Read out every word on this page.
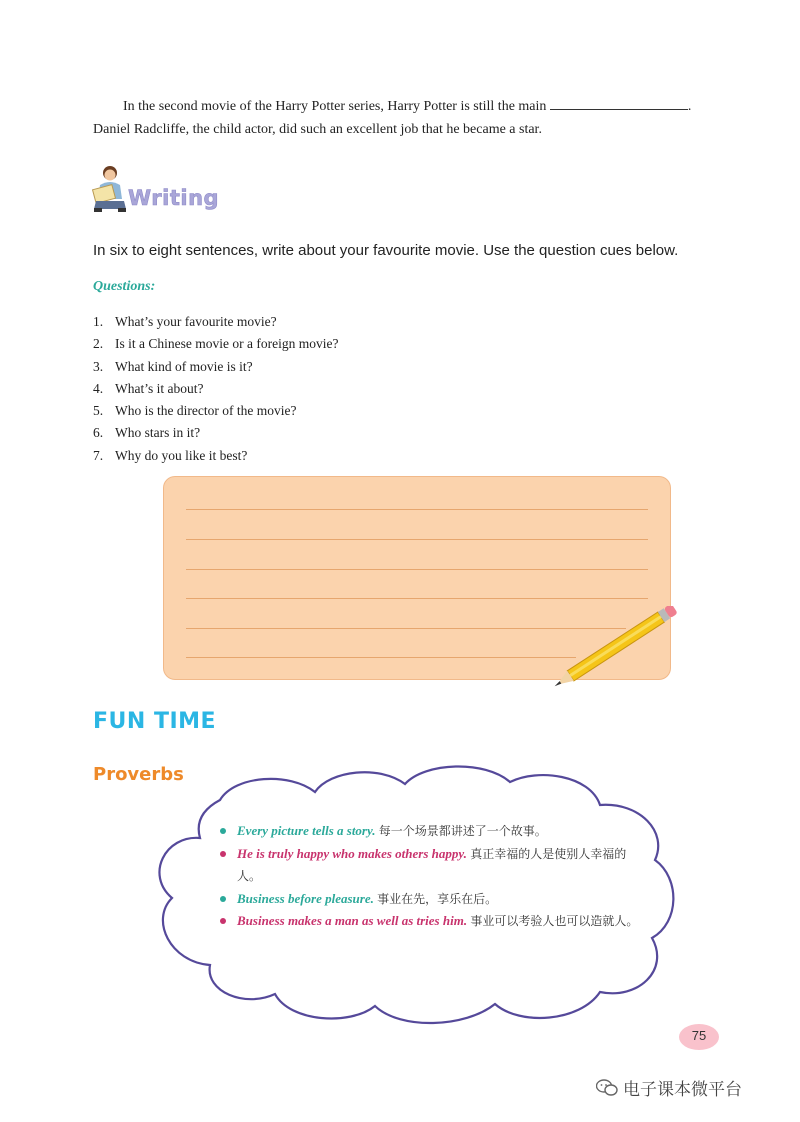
In the second movie of the Harry Potter series, Harry Potter is still the main	.
Daniel Radcliffe, the child actor, did such an excellent job that he became a star.
Writing
In six to eight sentences, write about your favourite movie. Use the question cues below.
Questions:
1. What’s your favourite movie?
2. Is it a Chinese movie or a foreign movie?
3. What kind of movie is it?
4. What’s it about?
5. Who is the director of the movie?
6. Who stars in it?
7. Why do you like it best?
FUN TIME
Proverbs
Every picture tells a story. 每一个场景都讲述了一个故事。
He is truly happy who makes others happy. 真正幸福的人是使别人幸福的人。
Business before pleasure. 事业在先，享乐在后。
Business makes a man as well as tries him. 事业可以考验人也可以造就人。
75
电子课本微平台
